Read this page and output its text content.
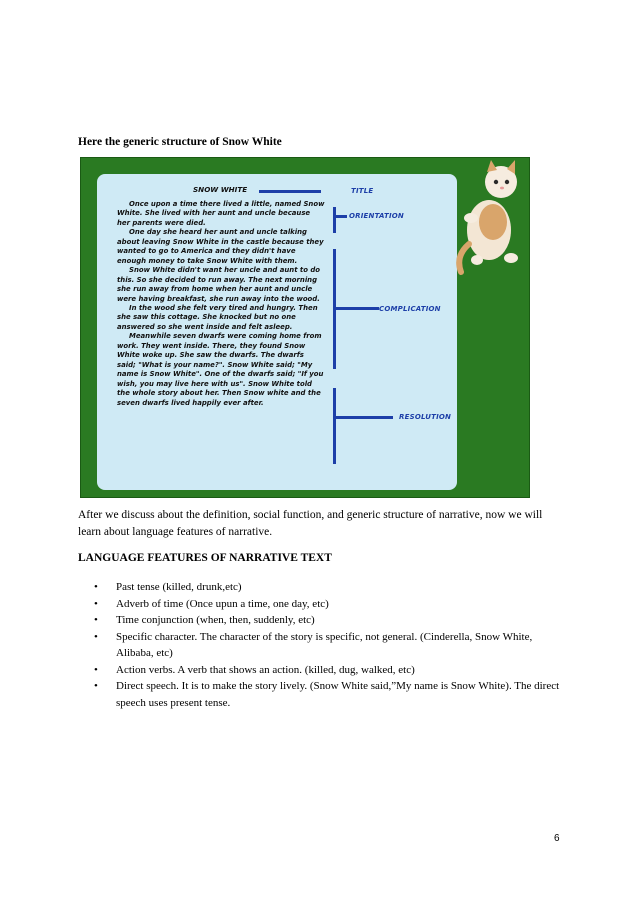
Here the generic structure of Snow White

SNOW WHITE	TITLE

Once upon a time there lived a little, named Snow White. She lived with her aunt and uncle because her parents were died.

One day she heard her aunt and uncle talking about leaving Snow White in the castle because they wanted to go to America and they didn't have enough money to take Snow White with them.

Snow White didn't want her uncle and aunt to do this. So she decided to run away. The next morning she run away from home when her aunt and uncle were having breakfast, she run away into the wood.

In the wood she felt very tired and hungry. Then she saw this cottage. She knocked but no one answered so she went inside and felt asleep.

Meanwhile seven dwarfs were coming home from work. They went inside. There, they found Snow White woke up. She saw the dwarfs. The dwarfs said; "What is your name?". Snow White said; "My name is Snow White". One of the dwarfs said; "If you wish, you may live here with us". Snow White told the whole story about her. Then Snow white and the seven dwarfs lived happily ever after.

ORIENTATION
COMPLICATION
RESOLUTION

After we discuss about the definition, social function, and generic structure of narrative, now we will learn about language features of narrative.

LANGUAGE FEATURES OF NARRATIVE TEXT

• Past tense (killed, drunk,etc)
• Adverb of time (Once upun a time, one day, etc)
• Time conjunction (when, then, suddenly, etc)
• Specific character. The character of the story is specific, not general. (Cinderella, Snow White, Alibaba, etc)
• Action verbs. A verb that shows an action. (killed, dug, walked, etc)
• Direct speech. It is to make the story lively. (Snow White said,”My name is Snow White). The direct speech uses present tense.
6
